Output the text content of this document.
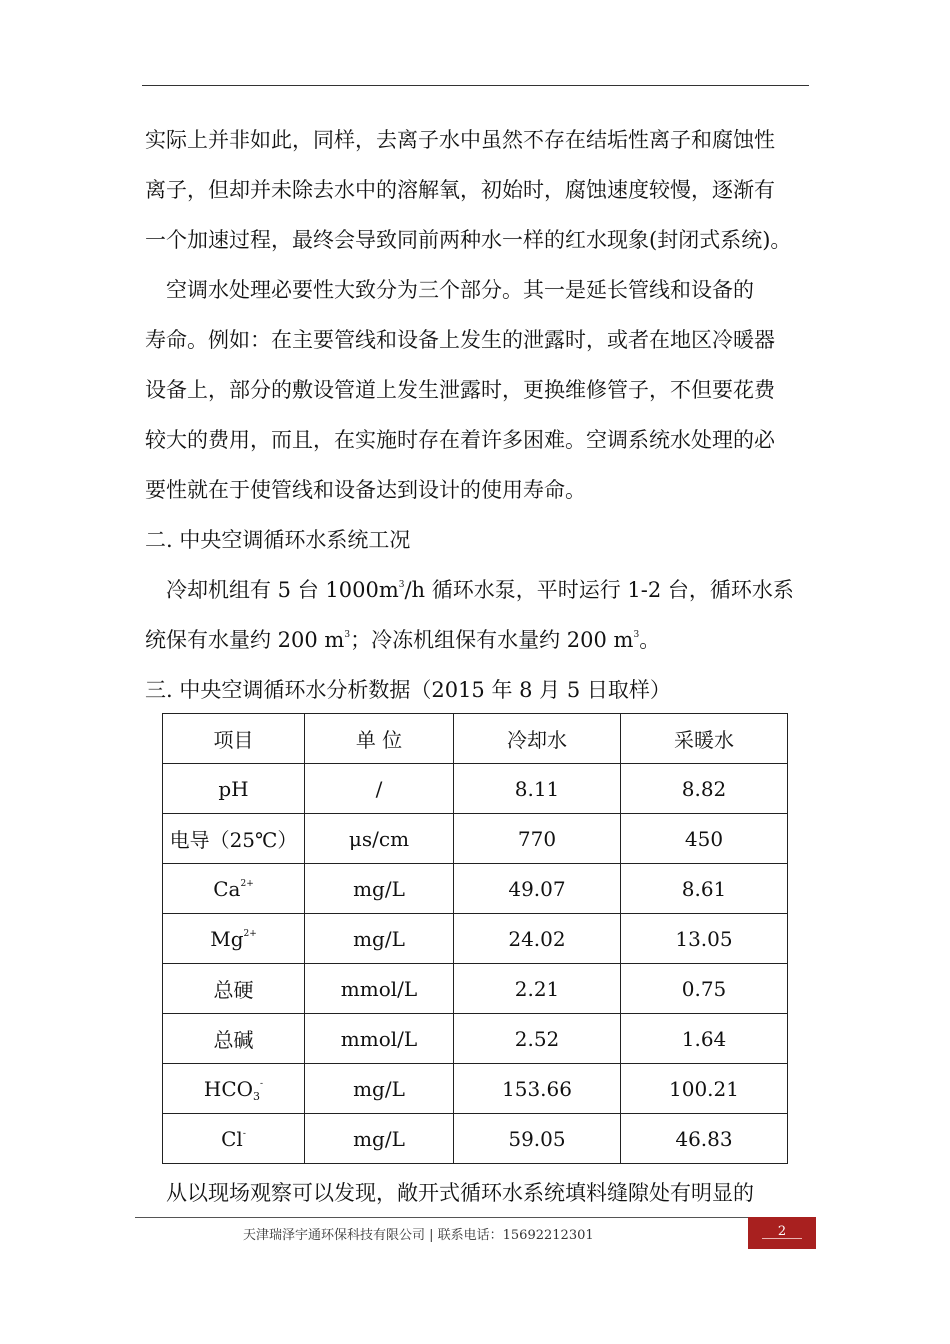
实际上并非如此，同样，去离子水中虽然不存在结垢性离子和腐蚀性
离子，但却并未除去水中的溶解氧，初始时，腐蚀速度较慢，逐渐有
一个加速过程，最终会导致同前两种水一样的红水现象(封闭式系统)。
　空调水处理必要性大致分为三个部分。其一是延长管线和设备的
寿命。例如：在主要管线和设备上发生的泄露时，或者在地区冷暖器
设备上，部分的敷设管道上发生泄露时，更换维修管子，不但要花费
较大的费用，而且，在实施时存在着许多困难。空调系统水处理的必
要性就在于使管线和设备达到设计的使用寿命。
二. 中央空调循环水系统工况
　冷却机组有 5 台 $1000m^3/h$ 循环水泵，平时运行 1-2 台，循环水系
统保有水量约 200 $m^3$；冷冻机组保有水量约 200 $m^3$。
三. 中央空调循环水分析数据（2015 年 8 月 5 日取样）
项目	单 位	冷却水	采暖水
pH	/	8.11	8.82
电导（25℃）	μs/cm	770	450
$Ca^{2+}$	mg/L	49.07	8.61
$Mg^{2+}$	mg/L	24.02	13.05
总硬	mmol/L	2.21	0.75
总碱	mmol/L	2.52	1.64
$HCO_3^-$	mg/L	153.66	100.21
Cl-	mg/L	59.05	46.83
　从以现场观察可以发现，敞开式循环水系统填料缝隙处有明显的
天津瑞泽宇通环保科技有限公司 | 联系电话：15692212301	2
